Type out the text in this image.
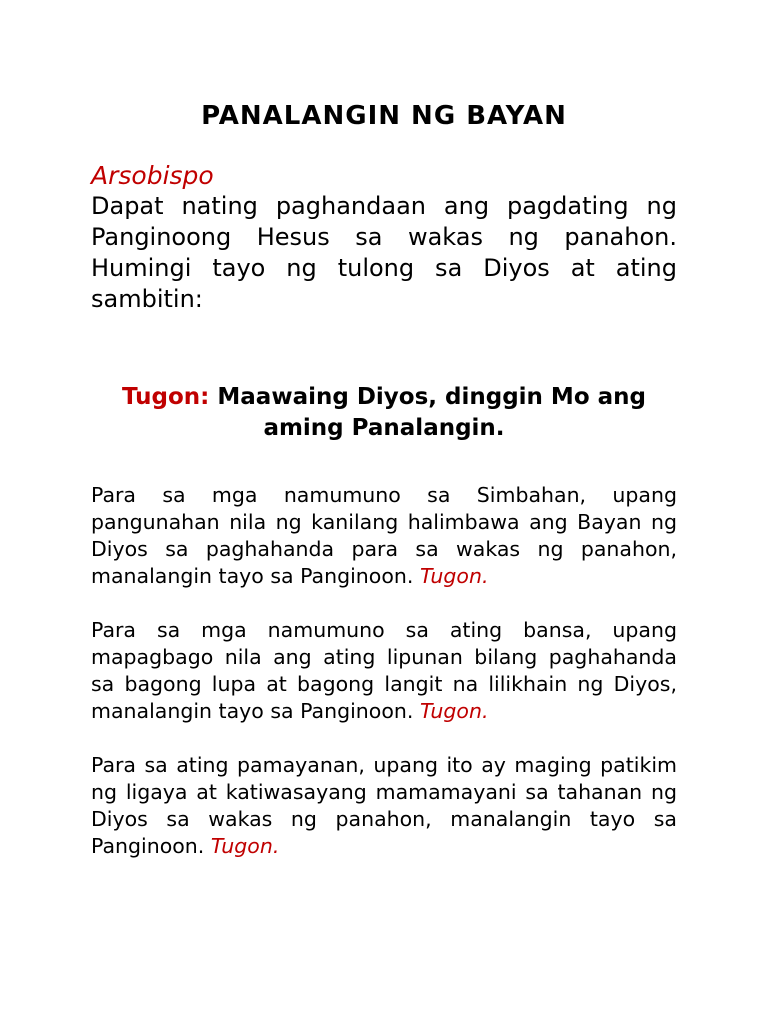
PANALANGIN NG BAYAN
Arsobispo

Dapat nating paghandaan ang pagdating ng Panginoong Hesus sa wakas ng panahon. Humingi tayo ng tulong sa Diyos at ating sambitin:

Tugon: Maawaing Diyos, dinggin Mo ang aming Panalangin.

Para sa mga namumuno sa Simbahan, upang pangunahan nila ng kanilang halimbawa ang Bayan ng Diyos sa paghahanda para sa wakas ng panahon, manalangin tayo sa Panginoon. Tugon.

Para sa mga namumuno sa ating bansa, upang mapagbago nila ang ating lipunan bilang paghahanda sa bagong lupa at bagong langit na lilikhain ng Diyos, manalangin tayo sa Panginoon. Tugon.

Para sa ating pamayanan, upang ito ay maging patikim ng ligaya at katiwasayang mamamayani sa tahanan ng Diyos sa wakas ng panahon, manalangin tayo sa Panginoon. Tugon.
